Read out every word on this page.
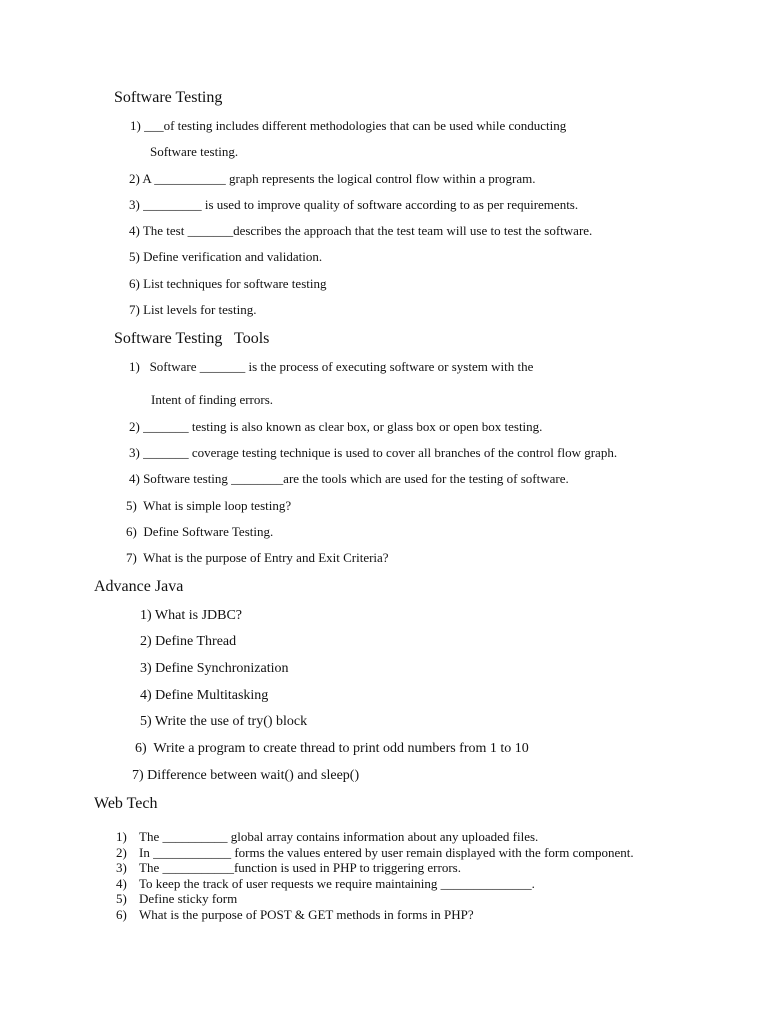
Software Testing
1) ___of testing includes different methodologies that can be used while conducting
Software testing.
2) A ___________ graph represents the logical control flow within a program.
3) _________ is used to improve quality of software according to as per requirements.
4) The test _______describes the approach that the test team will use to test the software.
5) Define verification and validation.
6) List techniques for software testing
7) List levels for testing.
Software Testing   Tools
1)   Software _______ is the process of executing software or system with the
Intent of finding errors.
2) _______ testing is also known as clear box, or glass box or open box testing.
3) _______ coverage testing technique is used to cover all branches of the control flow graph.
4) Software testing ________are the tools which are used for the testing of software.
5)  What is simple loop testing?
6)  Define Software Testing.
7)  What is the purpose of Entry and Exit Criteria?
Advance Java
1) What is JDBC?
2) Define Thread
3) Define Synchronization
4) Define Multitasking
5) Write the use of try() block
6)  Write a program to create thread to print odd numbers from 1 to 10
7) Difference between wait() and sleep()
Web Tech
1) The __________ global array contains information about any uploaded files.
2) In ____________ forms the values entered by user remain displayed with the form component.
3) The ___________function is used in PHP to triggering errors.
4) To keep the track of user requests we require maintaining ______________.
5) Define sticky form
6) What is the purpose of POST & GET methods in forms in PHP?
